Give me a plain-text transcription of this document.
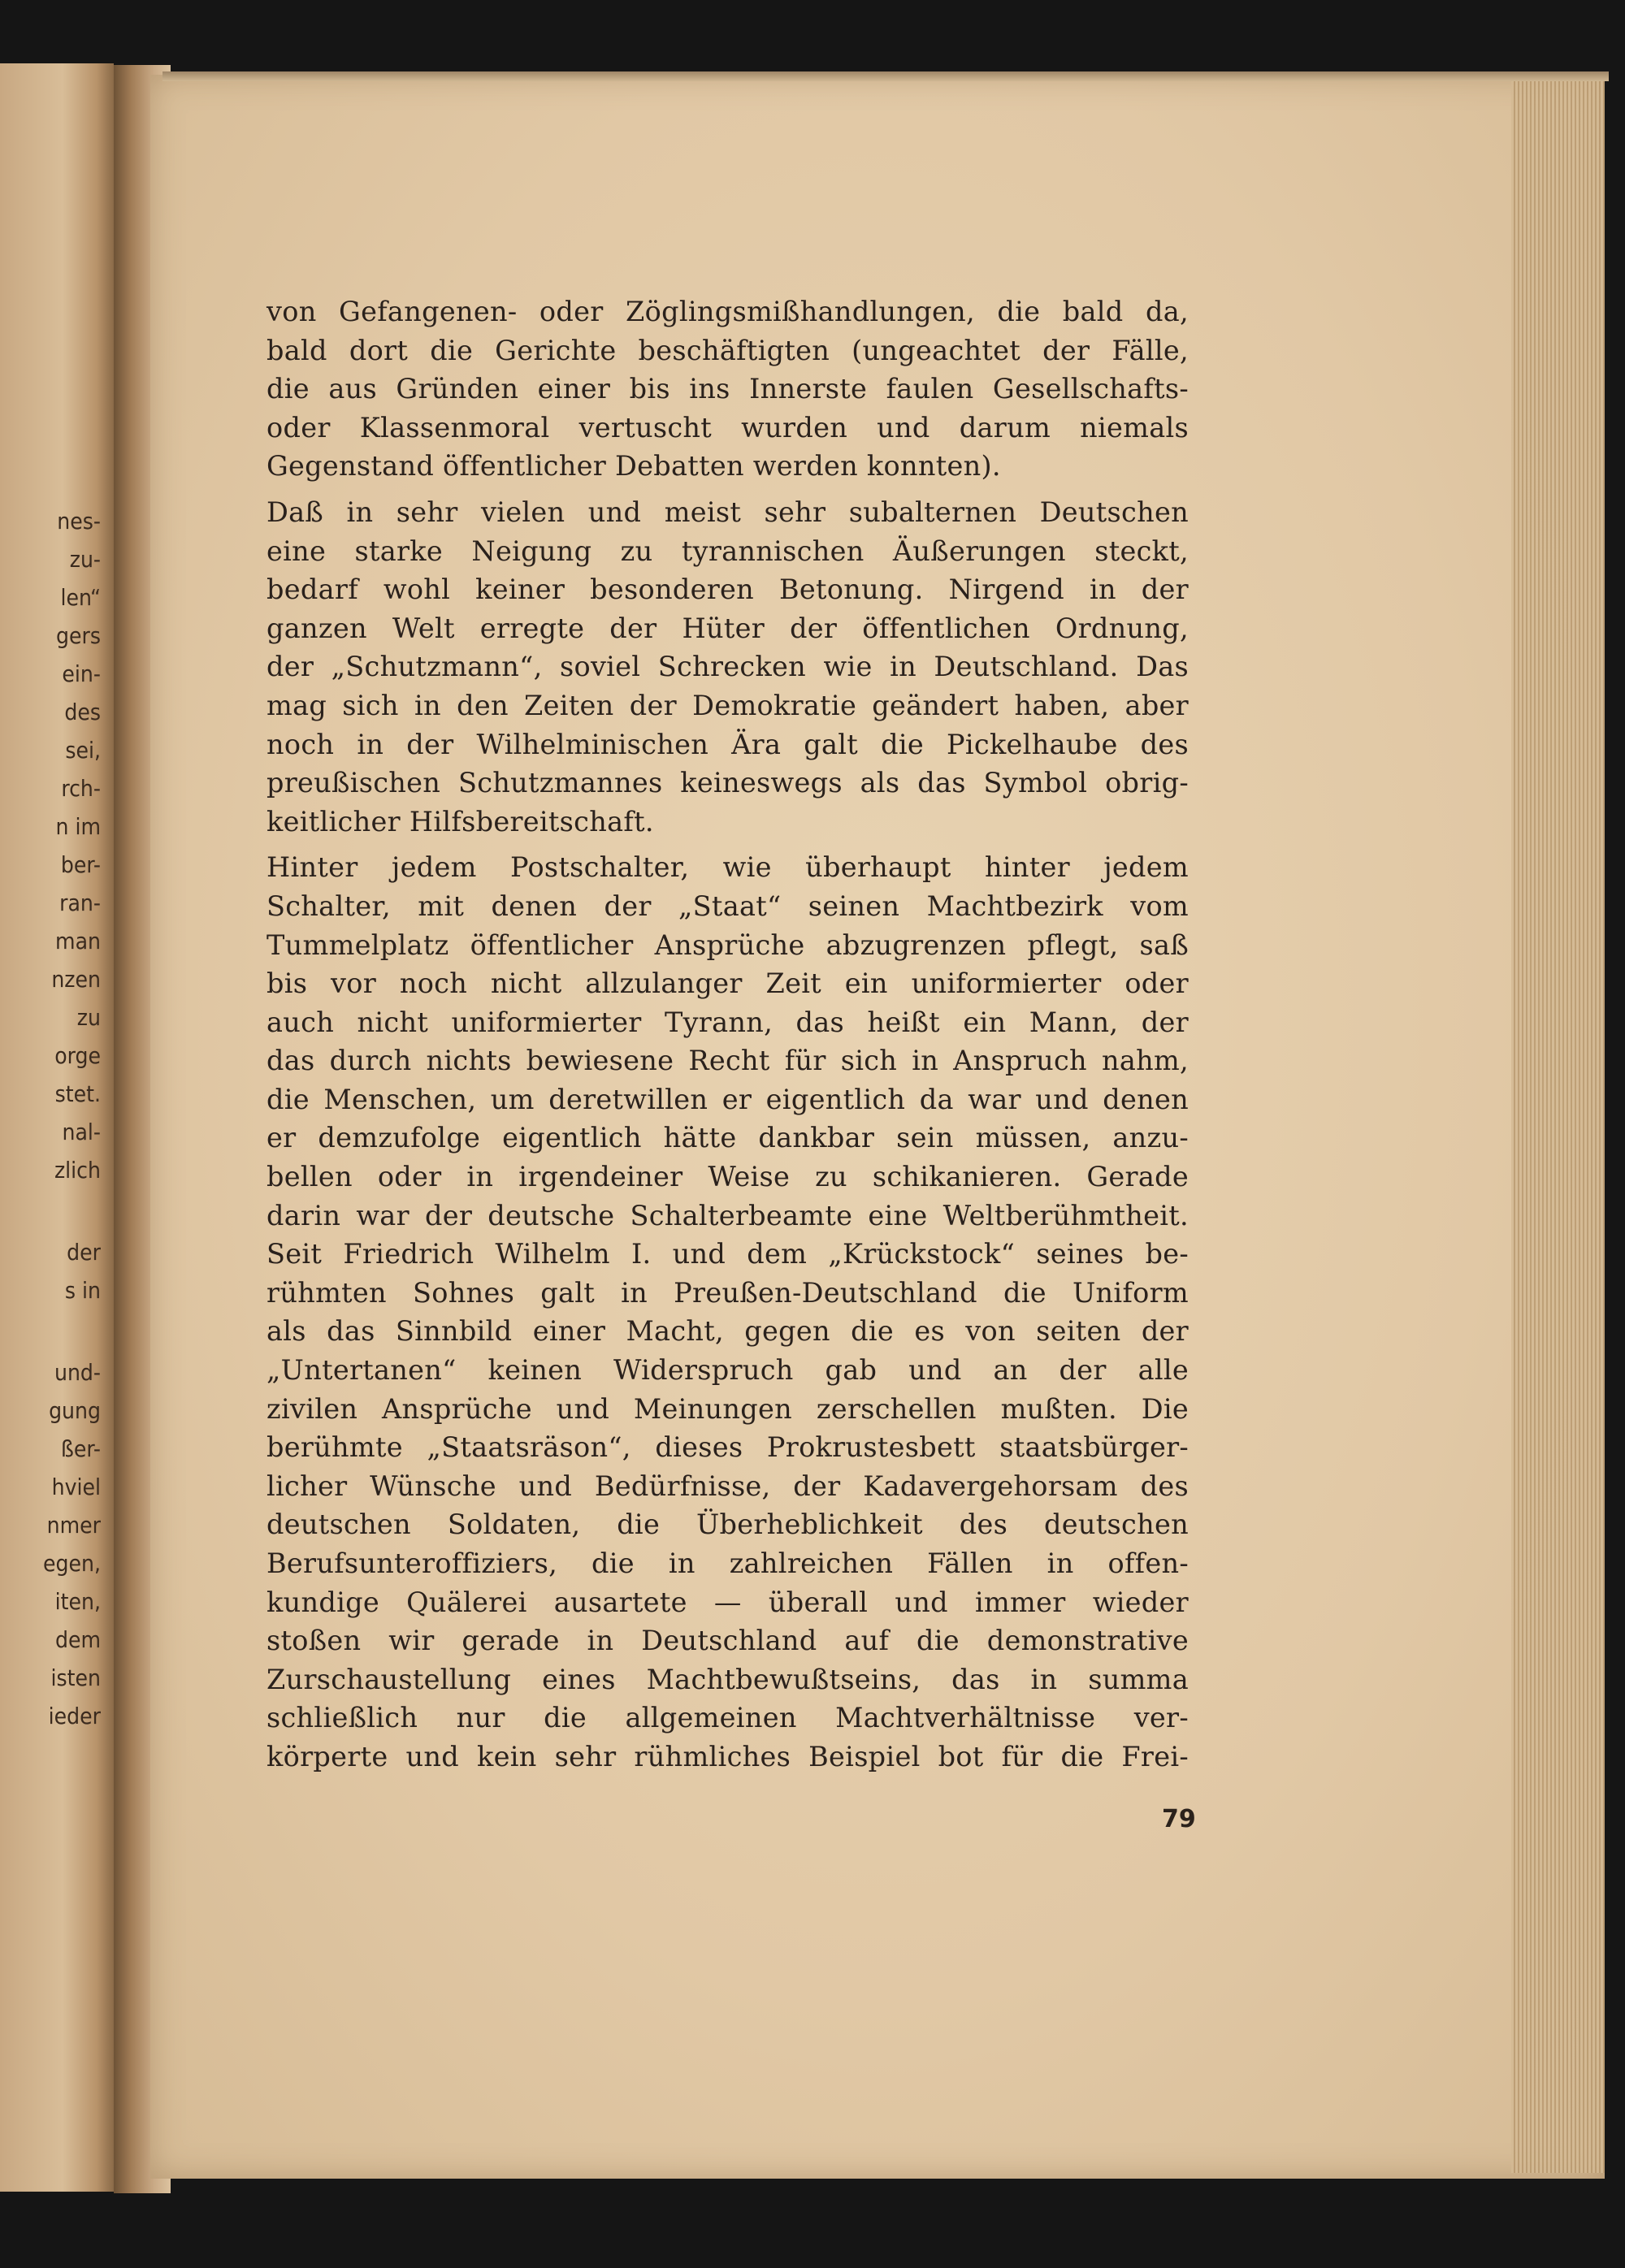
nes-
zu-
len“
gers
ein-
des
sei,
rch-
n im
ber-
ran-
man
nzen
zu
orge
stet.
nal-
zlich
der
s in
und-
gung
ßer-
hviel
nmer
egen,
iten,
dem
isten
ieder
von Gefangenen- oder Zöglingsmißhandlungen, die bald da,
bald dort die Gerichte beschäftigten (ungeachtet der Fälle,
die aus Gründen einer bis ins Innerste faulen Gesellschafts-
oder Klassenmoral vertuscht wurden und darum niemals
Gegenstand öffentlicher Debatten werden konnten).
Daß in sehr vielen und meist sehr subalternen Deutschen
eine starke Neigung zu tyrannischen Äußerungen steckt,
bedarf wohl keiner besonderen Betonung. Nirgend in der
ganzen Welt erregte der Hüter der öffentlichen Ordnung,
der „Schutzmann“, soviel Schrecken wie in Deutschland. Das
mag sich in den Zeiten der Demokratie geändert haben, aber
noch in der Wilhelminischen Ära galt die Pickelhaube des
preußischen Schutzmannes keineswegs als das Symbol obrig-
keitlicher Hilfsbereitschaft.
Hinter jedem Postschalter, wie überhaupt hinter jedem
Schalter, mit denen der „Staat“ seinen Machtbezirk vom
Tummelplatz öffentlicher Ansprüche abzugrenzen pflegt, saß
bis vor noch nicht allzulanger Zeit ein uniformierter oder
auch nicht uniformierter Tyrann, das heißt ein Mann, der
das durch nichts bewiesene Recht für sich in Anspruch nahm,
die Menschen, um deretwillen er eigentlich da war und denen
er demzufolge eigentlich hätte dankbar sein müssen, anzu-
bellen oder in irgendeiner Weise zu schikanieren. Gerade
darin war der deutsche Schalterbeamte eine Weltberühmtheit.
Seit Friedrich Wilhelm I. und dem „Krückstock“ seines be-
rühmten Sohnes galt in Preußen-Deutschland die Uniform
als das Sinnbild einer Macht, gegen die es von seiten der
„Untertanen“ keinen Widerspruch gab und an der alle
zivilen Ansprüche und Meinungen zerschellen mußten. Die
berühmte „Staatsräson“, dieses Prokrustesbett staatsbürger-
licher Wünsche und Bedürfnisse, der Kadavergehorsam des
deutschen Soldaten, die Überheblichkeit des deutschen
Berufsunteroffiziers, die in zahlreichen Fällen in offen-
kundige Quälerei ausartete — überall und immer wieder
stoßen wir gerade in Deutschland auf die demonstrative
Zurschaustellung eines Machtbewußtseins, das in summa
schließlich nur die allgemeinen Machtverhältnisse ver-
körperte und kein sehr rühmliches Beispiel bot für die Frei-
79
